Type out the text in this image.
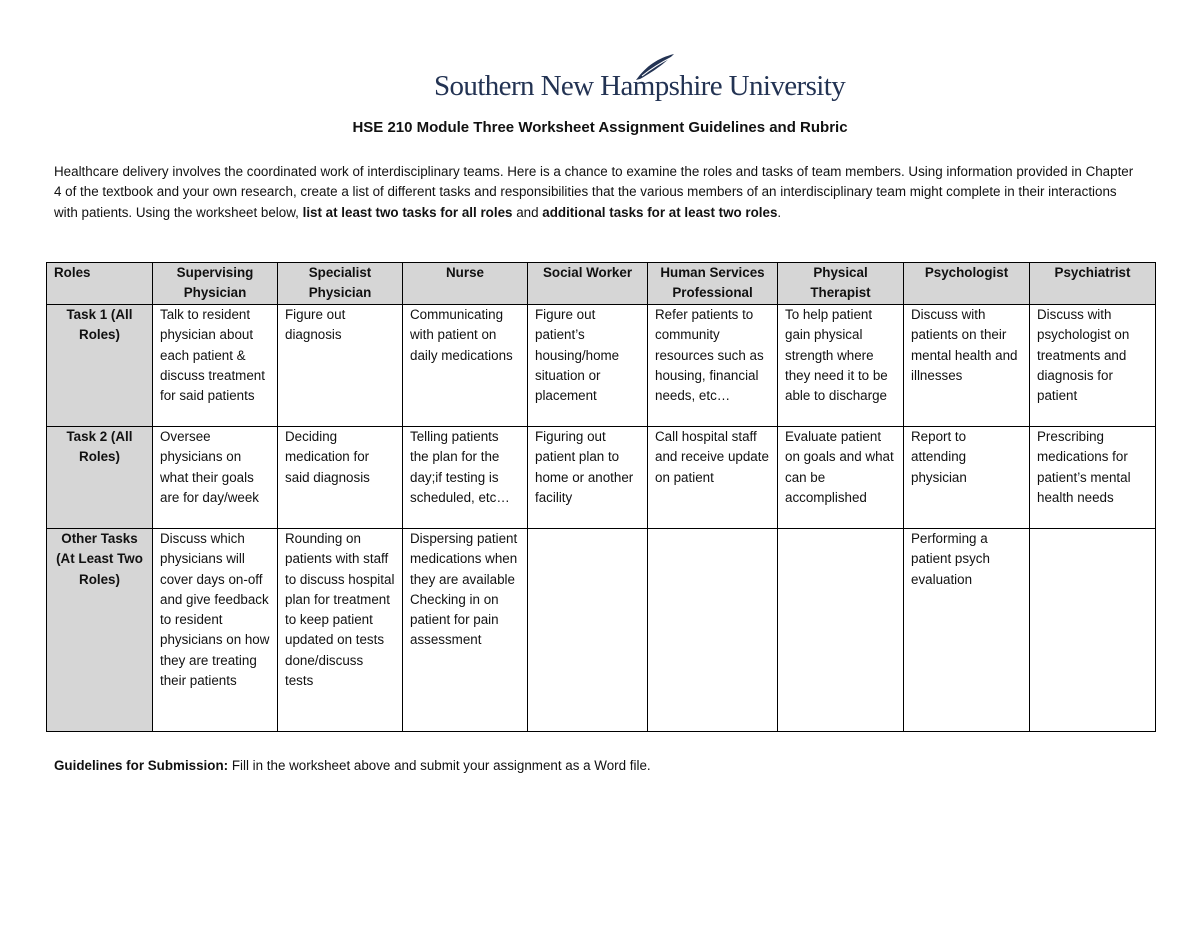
Southern New Hampshire University
HSE 210 Module Three Worksheet Assignment Guidelines and Rubric
Healthcare delivery involves the coordinated work of interdisciplinary teams. Here is a chance to examine the roles and tasks of team members. Using information provided in Chapter 4 of the textbook and your own research, create a list of different tasks and responsibilities that the various members of an interdisciplinary team might complete in their interactions with patients. Using the worksheet below, list at least two tasks for all roles and additional tasks for at least two roles.
Roles	Supervising Physician	Specialist Physician	Nurse	Social Worker	Human Services Professional	Physical Therapist	Psychologist	Psychiatrist
Task 1 (All Roles)	Talk to resident physician about each patient & discuss treatment for said patients	Figure out diagnosis	Communicating with patient on daily medications	Figure out patient’s housing/home situation or placement	Refer patients to community resources such as housing, financial needs, etc…	To help patient gain physical strength where they need it to be able to discharge	Discuss with patients on their mental health and illnesses	Discuss with psychologist on treatments and diagnosis for patient
Task 2 (All Roles)	Oversee physicians on what their goals are for day/week	Deciding medication for said diagnosis	Telling patients the plan for the day;if testing is scheduled, etc…	Figuring out patient plan to home or another facility	Call hospital staff and receive update on patient	Evaluate patient on goals and what can be accomplished	Report to attending physician	Prescribing medications for patient’s mental health needs
Other Tasks (At Least Two Roles)	Discuss which physicians will cover days on-off and give feedback to resident physicians on how they are treating their patients	Rounding on patients with staff to discuss hospital plan for treatment to keep patient updated on tests done/discuss tests	Dispersing patient medications when they are available Checking in on patient for pain assessment				Performing a patient psych evaluation	
Guidelines for Submission: Fill in the worksheet above and submit your assignment as a Word file.
